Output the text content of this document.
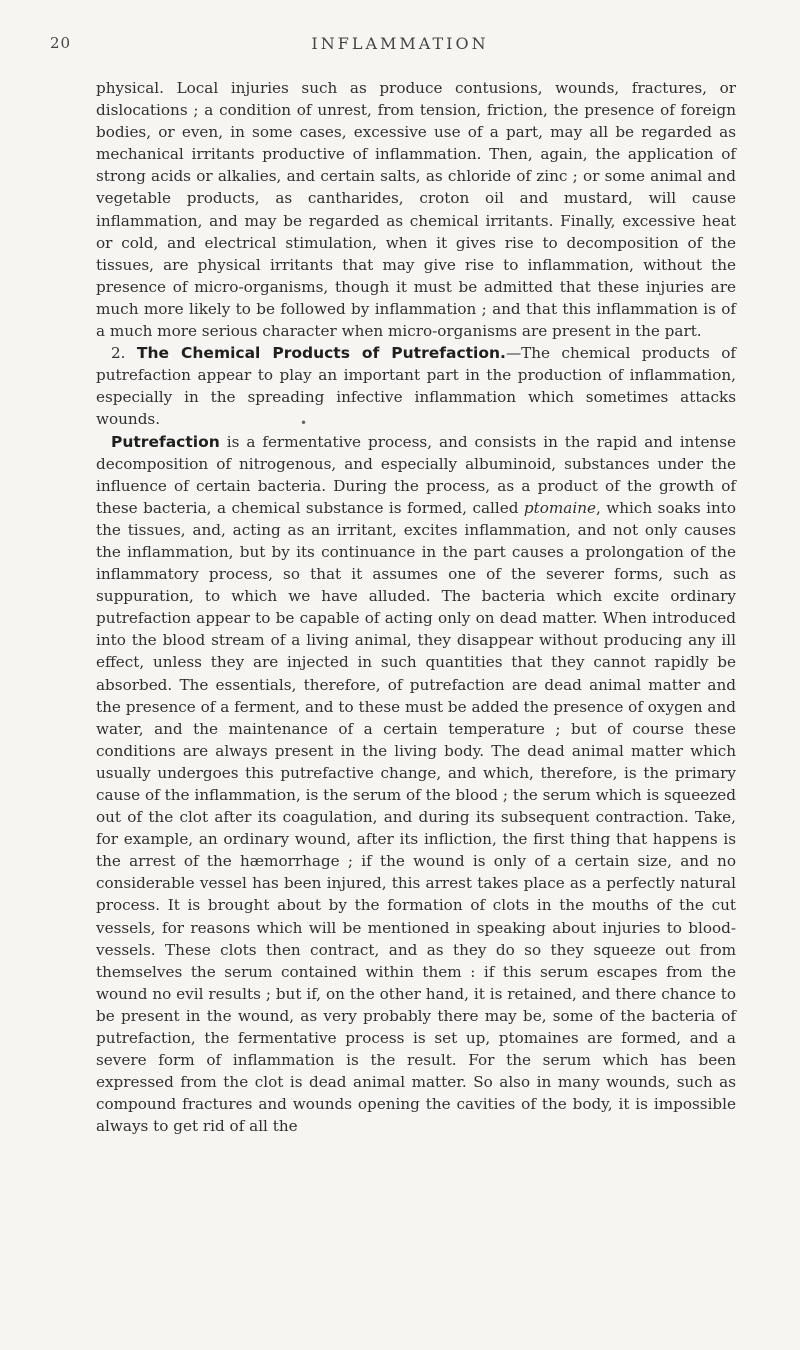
20	INFLAMMATION

physical. Local injuries such as produce contusions, wounds, fractures, or dislocations ; a condition of unrest, from tension, friction, the presence of foreign bodies, or even, in some cases, excessive use of a part, may all be regarded as mechanical irritants productive of inflammation. Then, again, the application of strong acids or alkalies, and certain salts, as chloride of zinc ; or some animal and vegetable products, as cantharides, croton oil and mustard, will cause inflammation, and may be regarded as chemical irritants. Finally, excessive heat or cold, and electrical stimulation, when it gives rise to decomposition of the tissues, are physical irritants that may give rise to inflammation, without the presence of micro-organisms, though it must be admitted that these injuries are much more likely to be followed by inflammation ; and that this inflammation is of a much more serious character when micro-organisms are present in the part.

2. The Chemical Products of Putrefaction.—The chemical products of putrefaction appear to play an important part in the production of inflammation, especially in the spreading infective inflammation which sometimes attacks wounds.

Putrefaction is a fermentative process, and consists in the rapid and intense decomposition of nitrogenous, and especially albuminoid, substances under the influence of certain bacteria. During the process, as a product of the growth of these bacteria, a chemical substance is formed, called ptomaine, which soaks into the tissues, and, acting as an irritant, excites inflammation, and not only causes the inflammation, but by its continuance in the part causes a prolongation of the inflammatory process, so that it assumes one of the severer forms, such as suppuration, to which we have alluded. The bacteria which excite ordinary putrefaction appear to be capable of acting only on dead matter. When introduced into the blood stream of a living animal, they disappear without producing any ill effect, unless they are injected in such quantities that they cannot rapidly be absorbed. The essentials, therefore, of putrefaction are dead animal matter and the presence of a ferment, and to these must be added the presence of oxygen and water, and the maintenance of a certain temperature ; but of course these conditions are always present in the living body. The dead animal matter which usually undergoes this putrefactive change, and which, therefore, is the primary cause of the inflammation, is the serum of the blood ; the serum which is squeezed out of the clot after its coagulation, and during its subsequent contraction. Take, for example, an ordinary wound, after its infliction, the first thing that happens is the arrest of the hæmorrhage ; if the wound is only of a certain size, and no considerable vessel has been injured, this arrest takes place as a perfectly natural process. It is brought about by the formation of clots in the mouths of the cut vessels, for reasons which will be mentioned in speaking about injuries to blood-vessels. These clots then contract, and as they do so they squeeze out from themselves the serum contained within them : if this serum escapes from the wound no evil results ; but if, on the other hand, it is retained, and there chance to be present in the wound, as very probably there may be, some of the bacteria of putrefaction, the fermentative process is set up, ptomaines are formed, and a severe form of inflammation is the result. For the serum which has been expressed from the clot is dead animal matter. So also in many wounds, such as compound fractures and wounds opening the cavities of the body, it is impossible always to get rid of all the

•
